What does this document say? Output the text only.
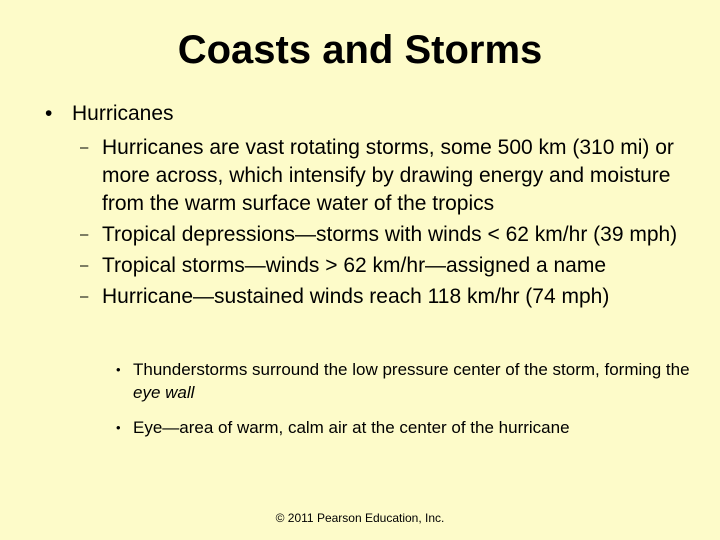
Coasts and Storms
• Hurricanes
– Hurricanes are vast rotating storms, some 500 km (310 mi) or more across, which intensify by drawing energy and moisture from the warm surface water of the tropics
– Tropical depressions—storms with winds < 62 km/hr (39 mph)
– Tropical storms—winds > 62 km/hr—assigned a name
– Hurricane—sustained winds reach 118 km/hr (74 mph)
• Thunderstorms surround the low pressure center of the storm, forming the eye wall
• Eye—area of warm, calm air at the center of the hurricane
© 2011 Pearson Education, Inc.
